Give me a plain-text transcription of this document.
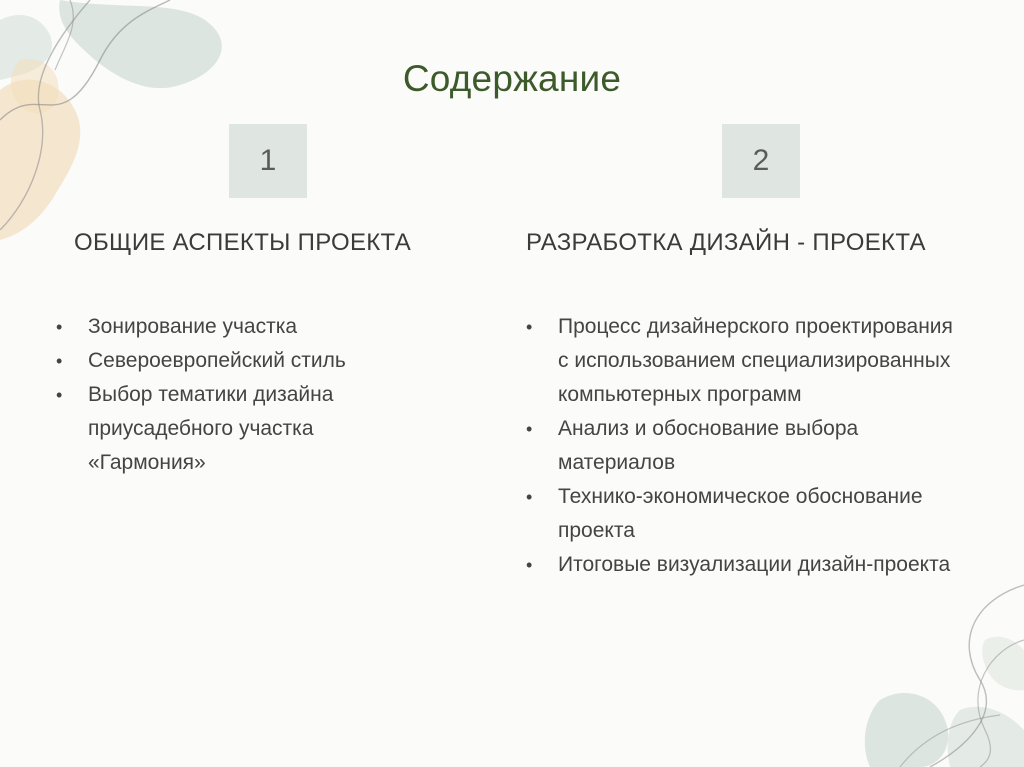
Содержание
1
ОБЩИЕ АСПЕКТЫ ПРОЕКТА
• Зонирование участка
• Североевропейский стиль
• Выбор тематики дизайна приусадебного участка «Гармония»
2
РАЗРАБОТКА ДИЗАЙН - ПРОЕКТА
• Процесс дизайнерского проектирования с использованием специализированных компьютерных программ
• Анализ и обоснование выбора материалов
• Технико-экономическое обоснование проекта
• Итоговые визуализации дизайн-проекта
